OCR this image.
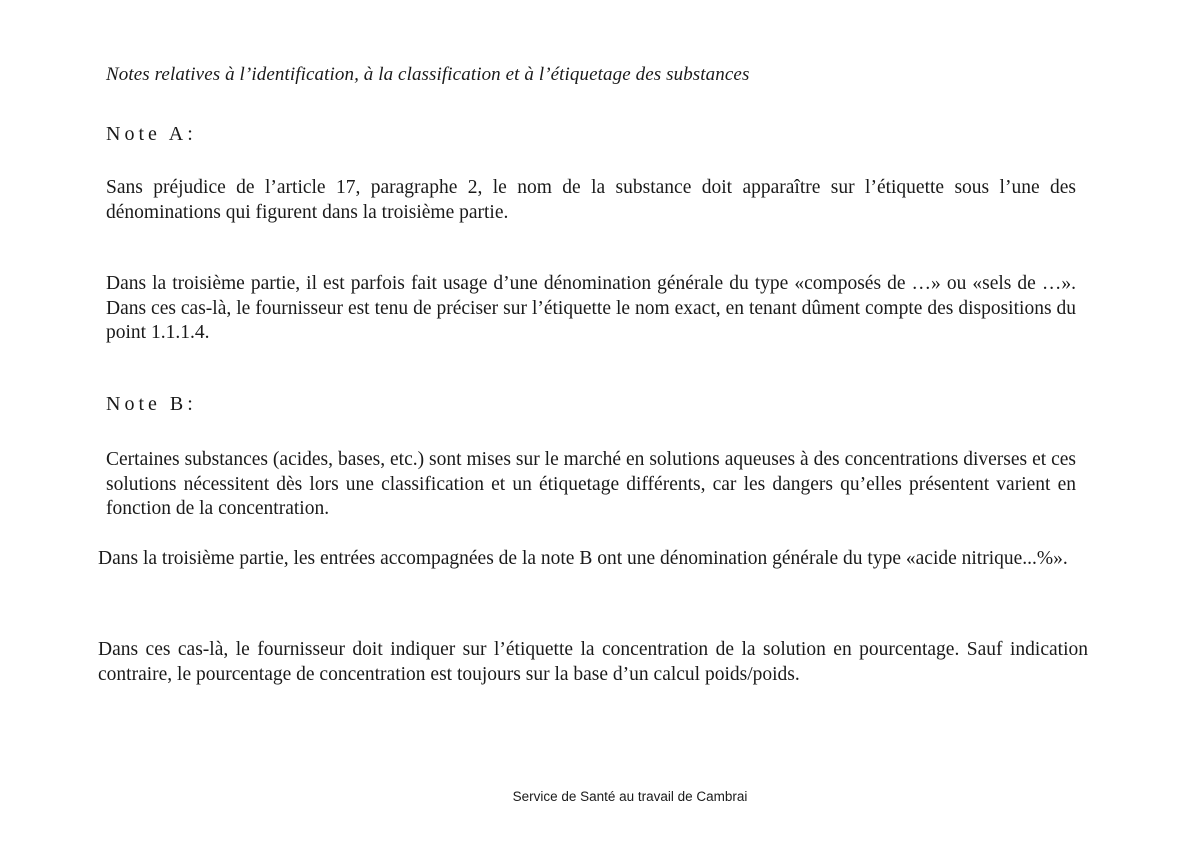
Notes relatives à l’identification, à la classification et à l’étiquetage des substances

Note A:

Sans préjudice de l’article 17, paragraphe 2, le nom de la substance doit apparaître sur l’étiquette sous l’une des dénominations qui figurent dans la troisième partie.

Dans la troisième partie, il est parfois fait usage d’une dénomination générale du type «composés de …» ou «sels de …». Dans ces cas-là, le fournisseur est tenu de préciser sur l’étiquette le nom exact, en tenant dûment compte des dispositions du point 1.1.1.4.

Note B:

Certaines substances (acides, bases, etc.) sont mises sur le marché en solutions aqueuses à des concentrations diverses et ces solutions nécessitent dès lors une classification et un étiquetage différents, car les dangers qu’elles présentent varient en fonction de la concentration.

Dans la troisième partie, les entrées accompagnées de la note B ont une dénomination générale du type «acide nitrique...%».

Dans ces cas-là, le fournisseur doit indiquer sur l’étiquette la concentration de la solution en pourcentage. Sauf indication contraire, le pourcentage de concentration est toujours sur la base d’un calcul poids/poids.

Service de Santé au travail de Cambrai
